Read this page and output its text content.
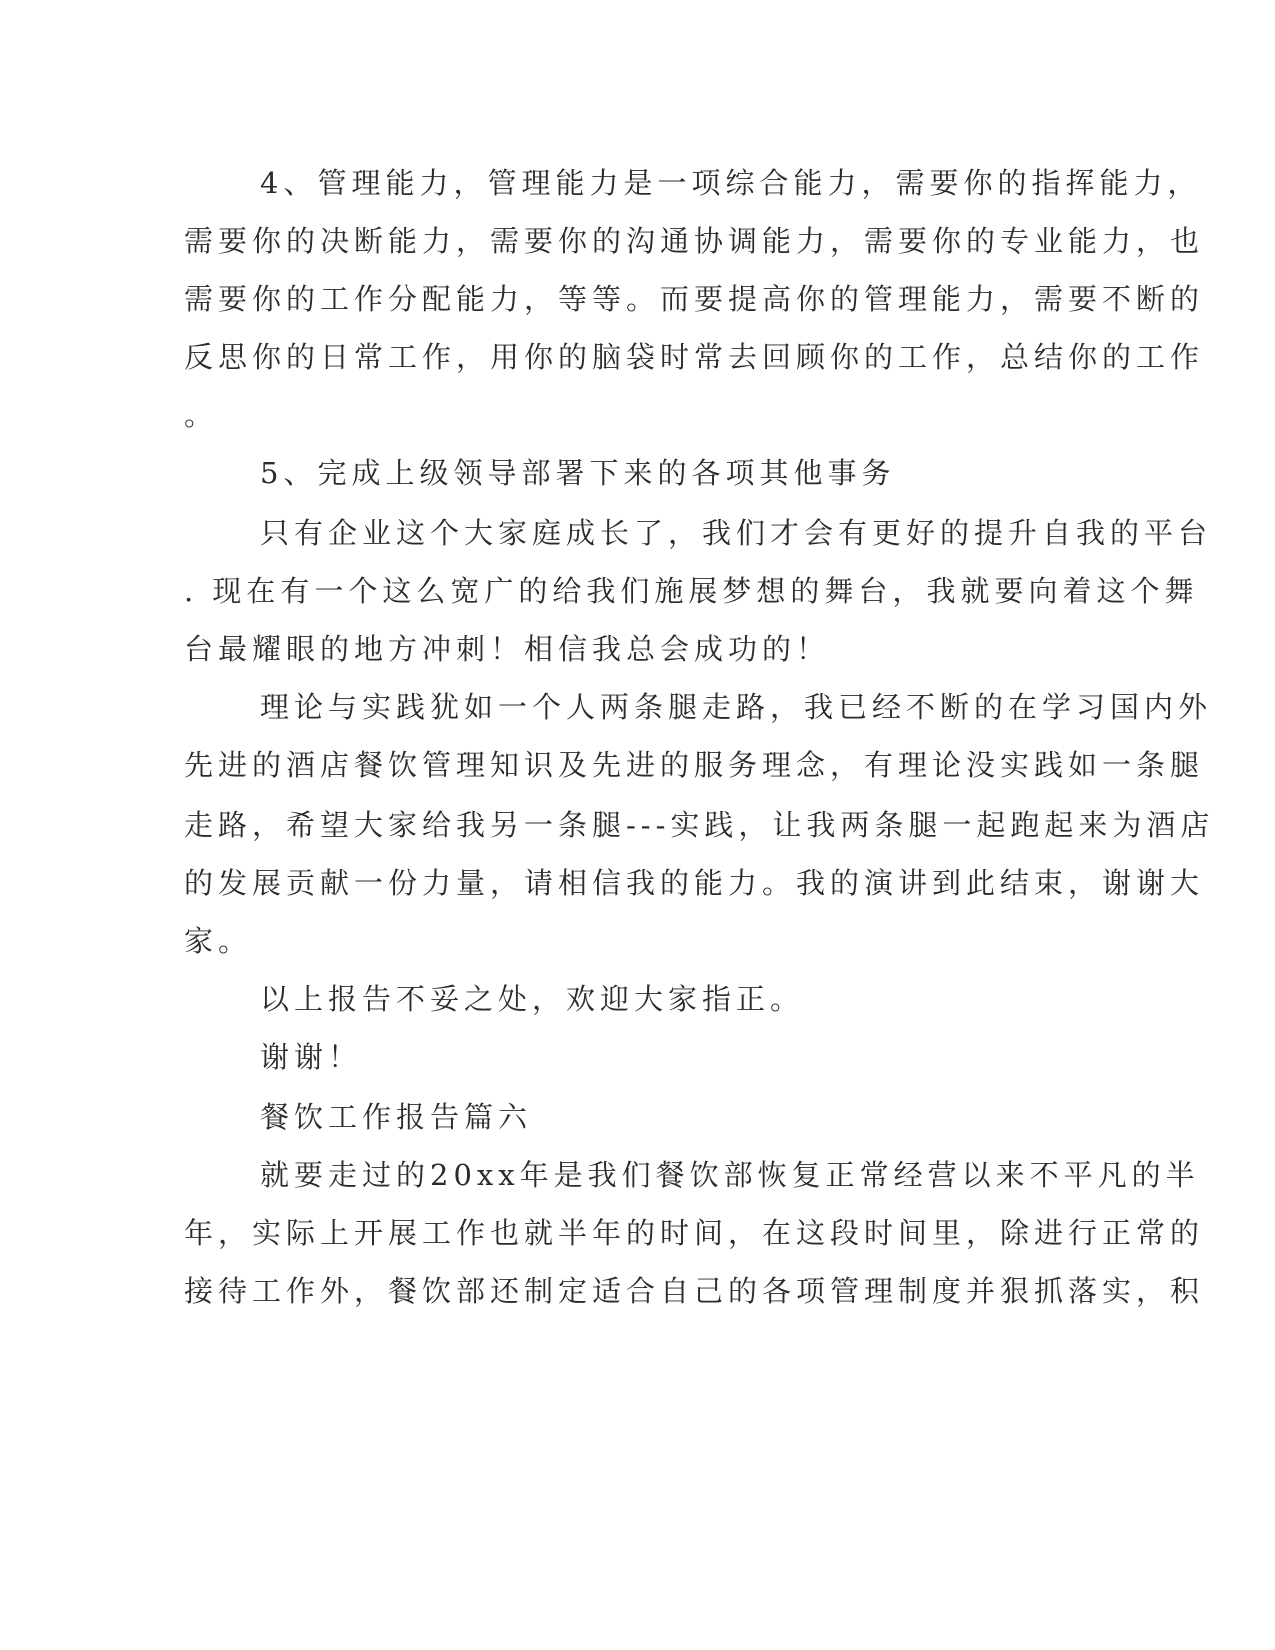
4、管理能力，管理能力是一项综合能力，需要你的指挥能力，
需要你的决断能力，需要你的沟通协调能力，需要你的专业能力，也
需要你的工作分配能力，等等。而要提高你的管理能力，需要不断的
反思你的日常工作，用你的脑袋时常去回顾你的工作，总结你的工作
。
5、完成上级领导部署下来的各项其他事务
只有企业这个大家庭成长了，我们才会有更好的提升自我的平台
. 现在有一个这么宽广的给我们施展梦想的舞台，我就要向着这个舞
台最耀眼的地方冲刺！相信我总会成功的！
理论与实践犹如一个人两条腿走路，我已经不断的在学习国内外
先进的酒店餐饮管理知识及先进的服务理念，有理论没实践如一条腿
走路，希望大家给我另一条腿---实践，让我两条腿一起跑起来为酒店
的发展贡献一份力量，请相信我的能力。我的演讲到此结束，谢谢大
家。
以上报告不妥之处，欢迎大家指正。
谢谢！
餐饮工作报告篇六
就要走过的20xx年是我们餐饮部恢复正常经营以来不平凡的半
年，实际上开展工作也就半年的时间，在这段时间里，除进行正常的
接待工作外，餐饮部还制定适合自己的各项管理制度并狠抓落实，积
